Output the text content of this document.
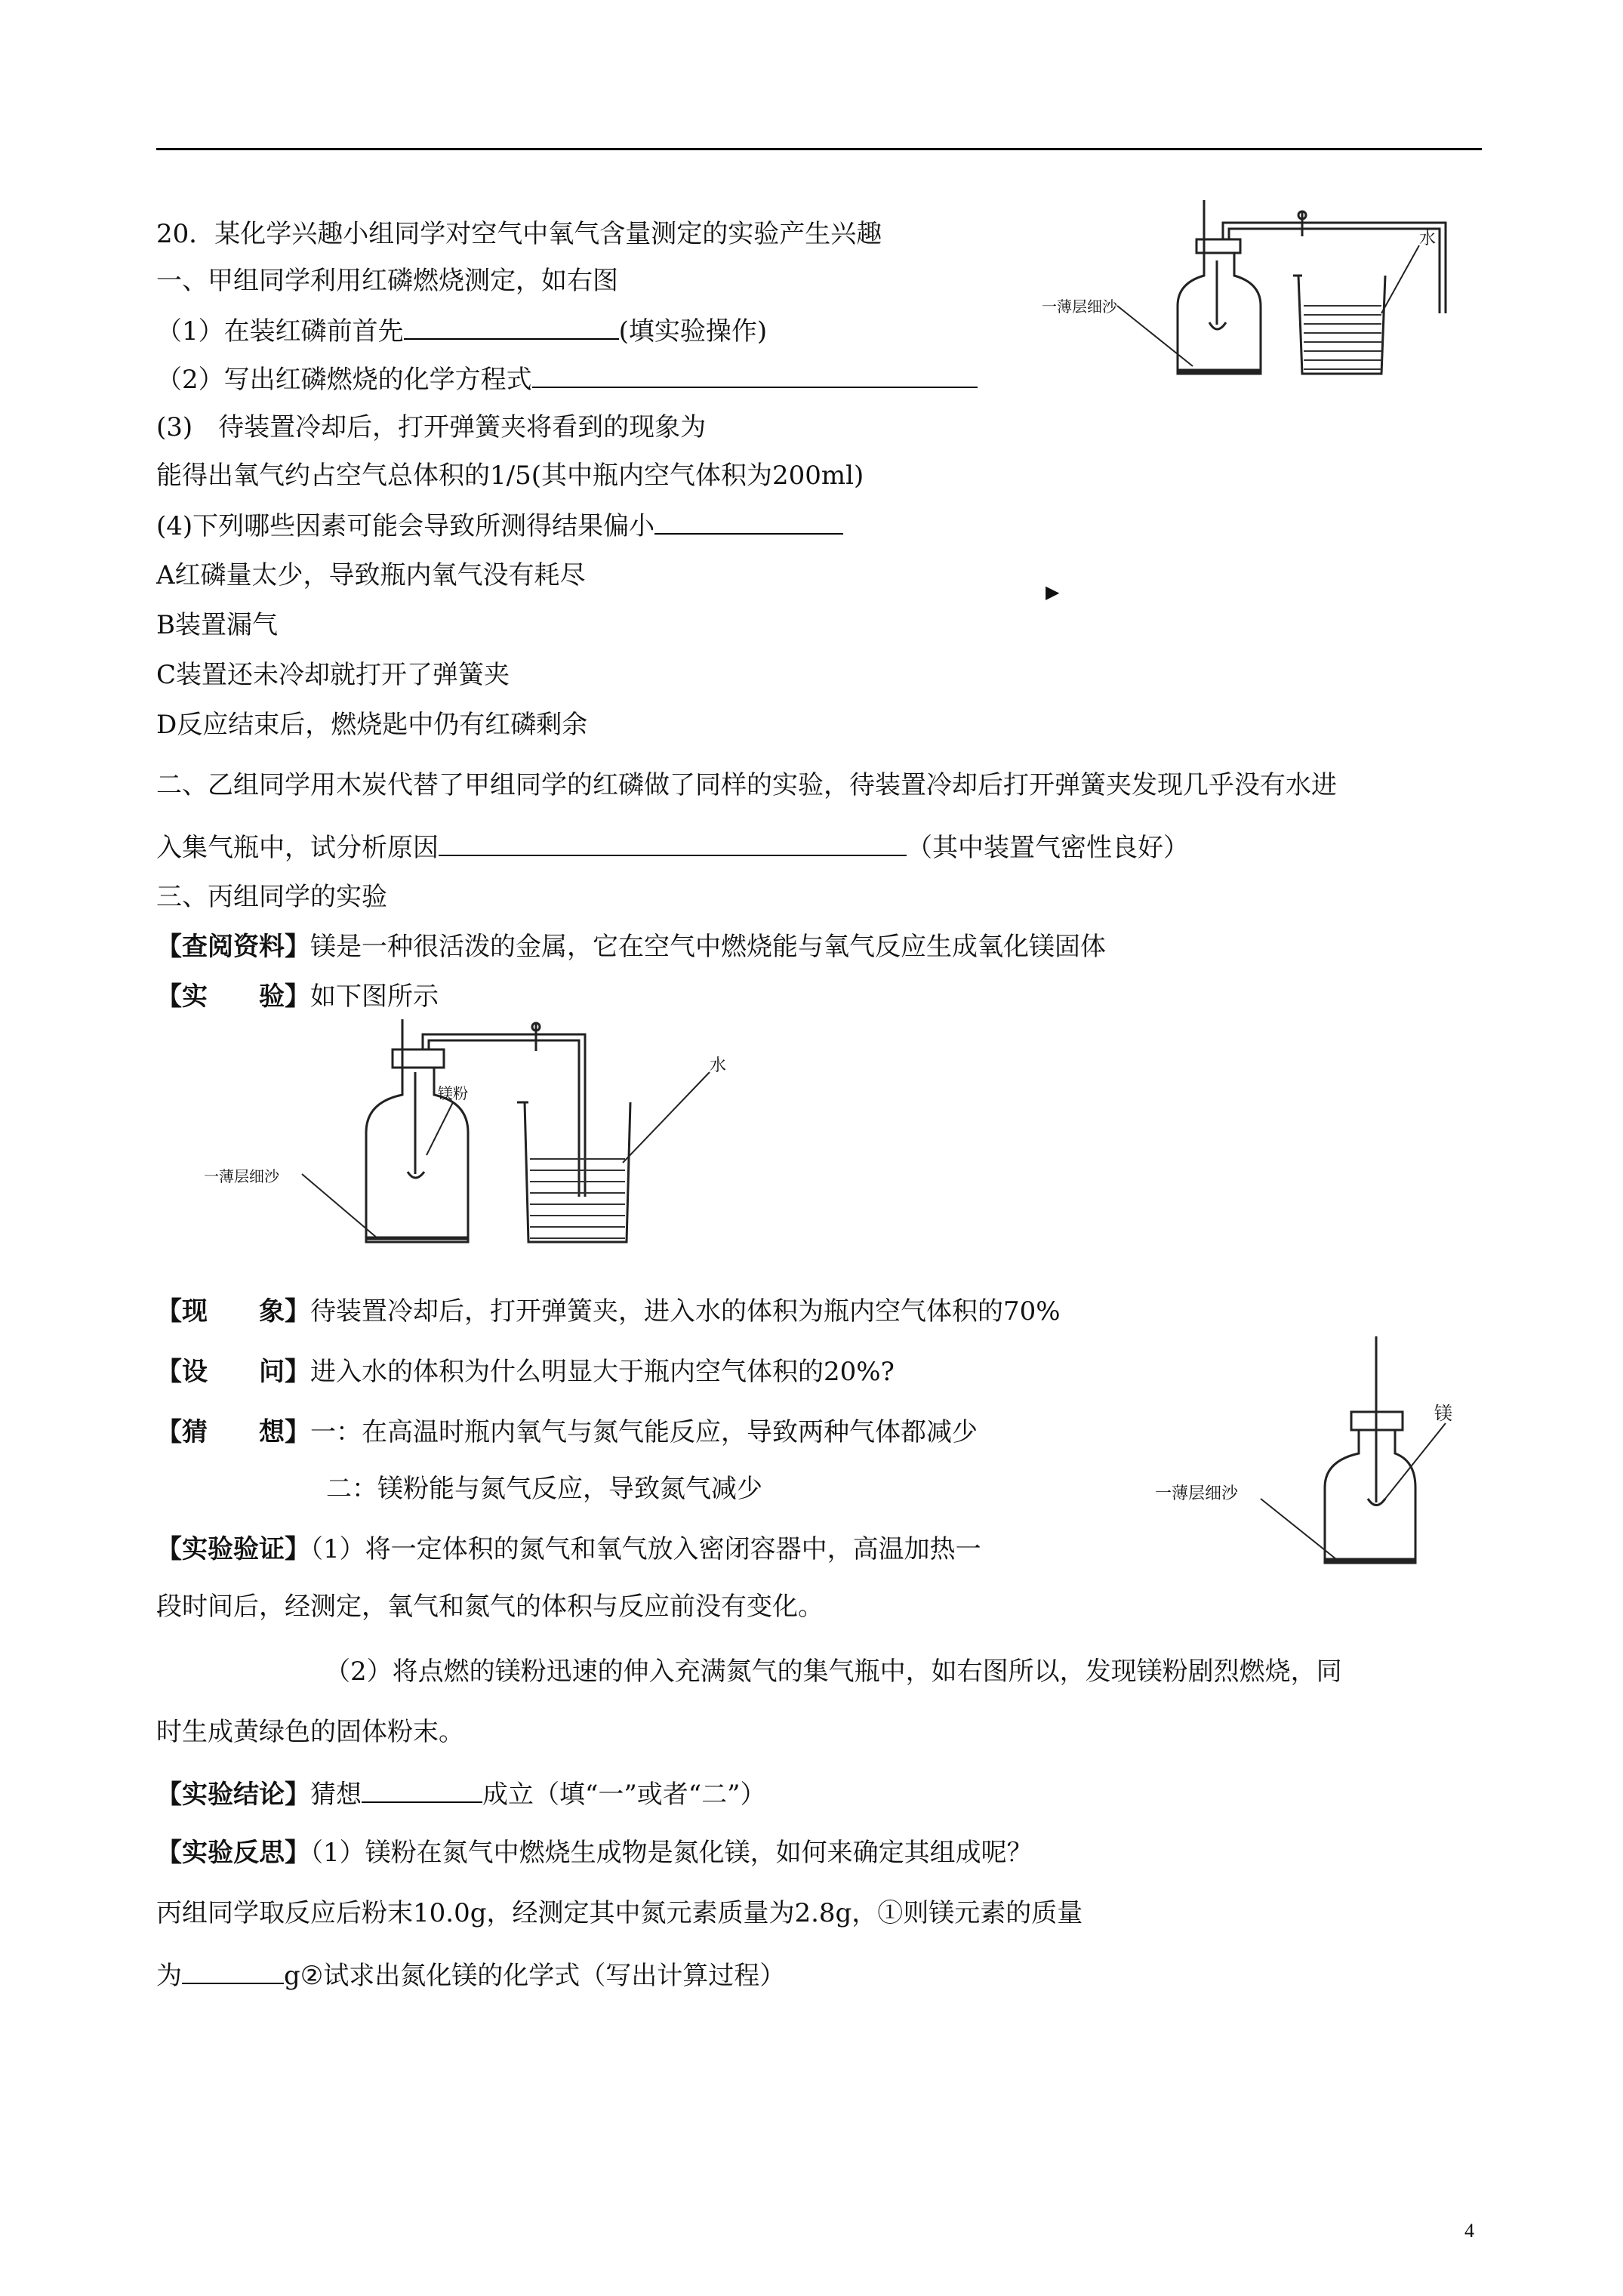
一薄层细沙
水
一薄层细沙
镁粉
水
一薄层细沙
镁
▶
20．某化学兴趣小组同学对空气中氧气含量测定的实验产生兴趣
一、甲组同学利用红磷燃烧测定，如右图
（1）在装红磷前首先	(填实验操作)
（2）写出红磷燃烧的化学方程式
(3)　待装置冷却后，打开弹簧夹将看到的现象为
能得出氧气约占空气总体积的1/5(其中瓶内空气体积为200ml)
(4)下列哪些因素可能会导致所测得结果偏小
A红磷量太少，导致瓶内氧气没有耗尽
B装置漏气
C装置还未冷却就打开了弹簧夹
D反应结束后，燃烧匙中仍有红磷剩余
二、乙组同学用木炭代替了甲组同学的红磷做了同样的实验，待装置冷却后打开弹簧夹发现几乎没有水进
入集气瓶中，试分析原因	（其中装置气密性良好）
三、丙组同学的实验
【查阅资料】镁是一种很活泼的金属，它在空气中燃烧能与氧气反应生成氧化镁固体
【实　　验】如下图所示
【现　　象】待装置冷却后，打开弹簧夹，进入水的体积为瓶内空气体积的70%
【设　　问】进入水的体积为什么明显大于瓶内空气体积的20%?
【猜　　想】一：在高温时瓶内氧气与氮气能反应，导致两种气体都减少
二：镁粉能与氮气反应，导致氮气减少
【实验验证】（1）将一定体积的氮气和氧气放入密闭容器中，高温加热一
段时间后，经测定，氧气和氮气的体积与反应前没有变化。
（2）将点燃的镁粉迅速的伸入充满氮气的集气瓶中，如右图所以，发现镁粉剧烈燃烧，同
时生成黄绿色的固体粉末。
【实验结论】猜想	成立（填“一”或者“二”）
【实验反思】（1）镁粉在氮气中燃烧生成物是氮化镁，如何来确定其组成呢？
丙组同学取反应后粉末10.0g，经测定其中氮元素质量为2.8g，①则镁元素的质量
为	g②试求出氮化镁的化学式（写出计算过程）
4
